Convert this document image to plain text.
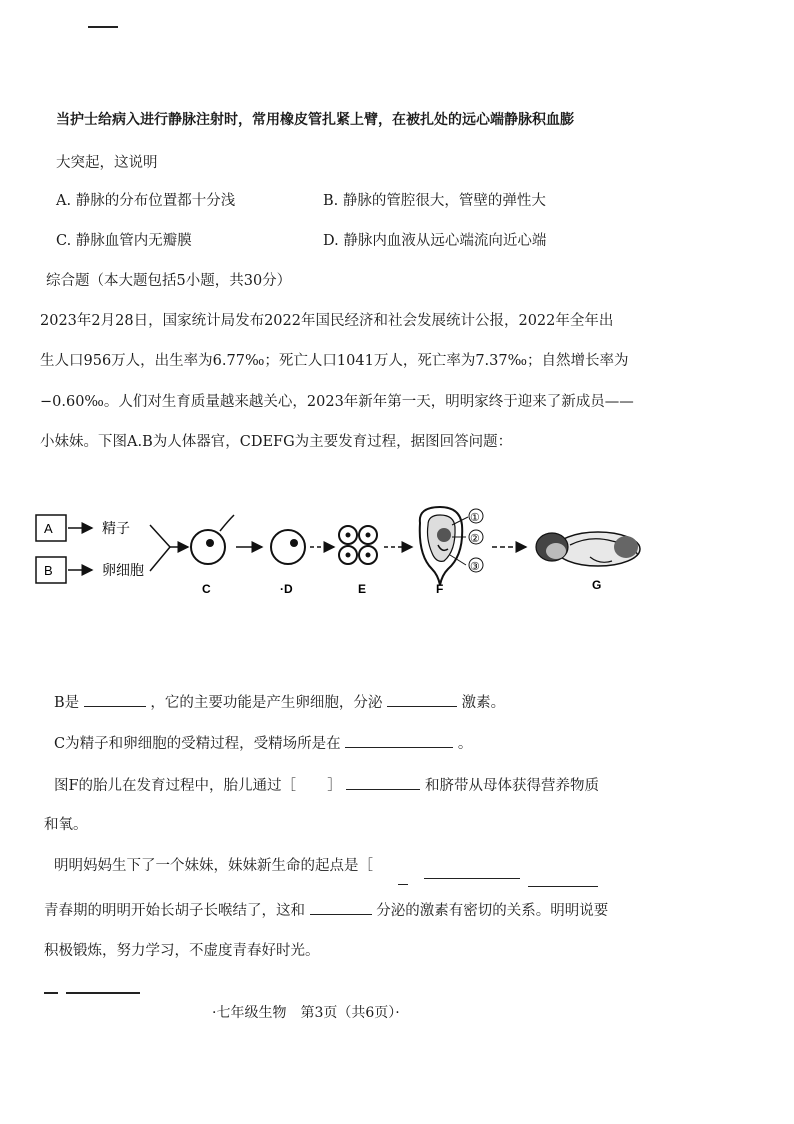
当护士给病入进行静脉注射时，常用橡皮管扎紧上臂，在被扎处的远心端静脉积血膨
大突起，这说明
A. 静脉的分布位置都十分浅	B. 静脉的管腔很大，管壁的弹性大
C. 静脉血管内无瓣膜	D. 静脉内血液从远心端流向近心端
综合题（本大题包括5小题，共30分）
2023年2月28日，国家统计局发布2022年国民经济和社会发展统计公报，2022年全年出
生人口956万人，出生率为6.77‰；死亡人口1041万人，死亡率为7.37‰；自然增长率为
−0.60‰。人们对生育质量越来越关心，2023年新年第一天，明明家终于迎来了新成员——
小妹妹。下图A.B为人体器官，CDEFG为主要发育过程，据图回答问题：
A
B
精子
卵细胞
C	·D	E
①
②
③
F	G
B是	，它的主要功能是产生卵细胞，分泌	激素。
C为精子和卵细胞的受精过程，受精场所是在	。
图F的胎儿在发育过程中，胎儿通过［ ］	和脐带从母体获得营养物质
和氧。
明明妈妈生下了一个妹妹，妹妹新生命的起点是［
青春期的明明开始长胡子长喉结了，这和	分泌的激素有密切的关系。明明说要
积极锻炼，努力学习，不虚度青春好时光。
·七年级生物　第3页（共6页）·
